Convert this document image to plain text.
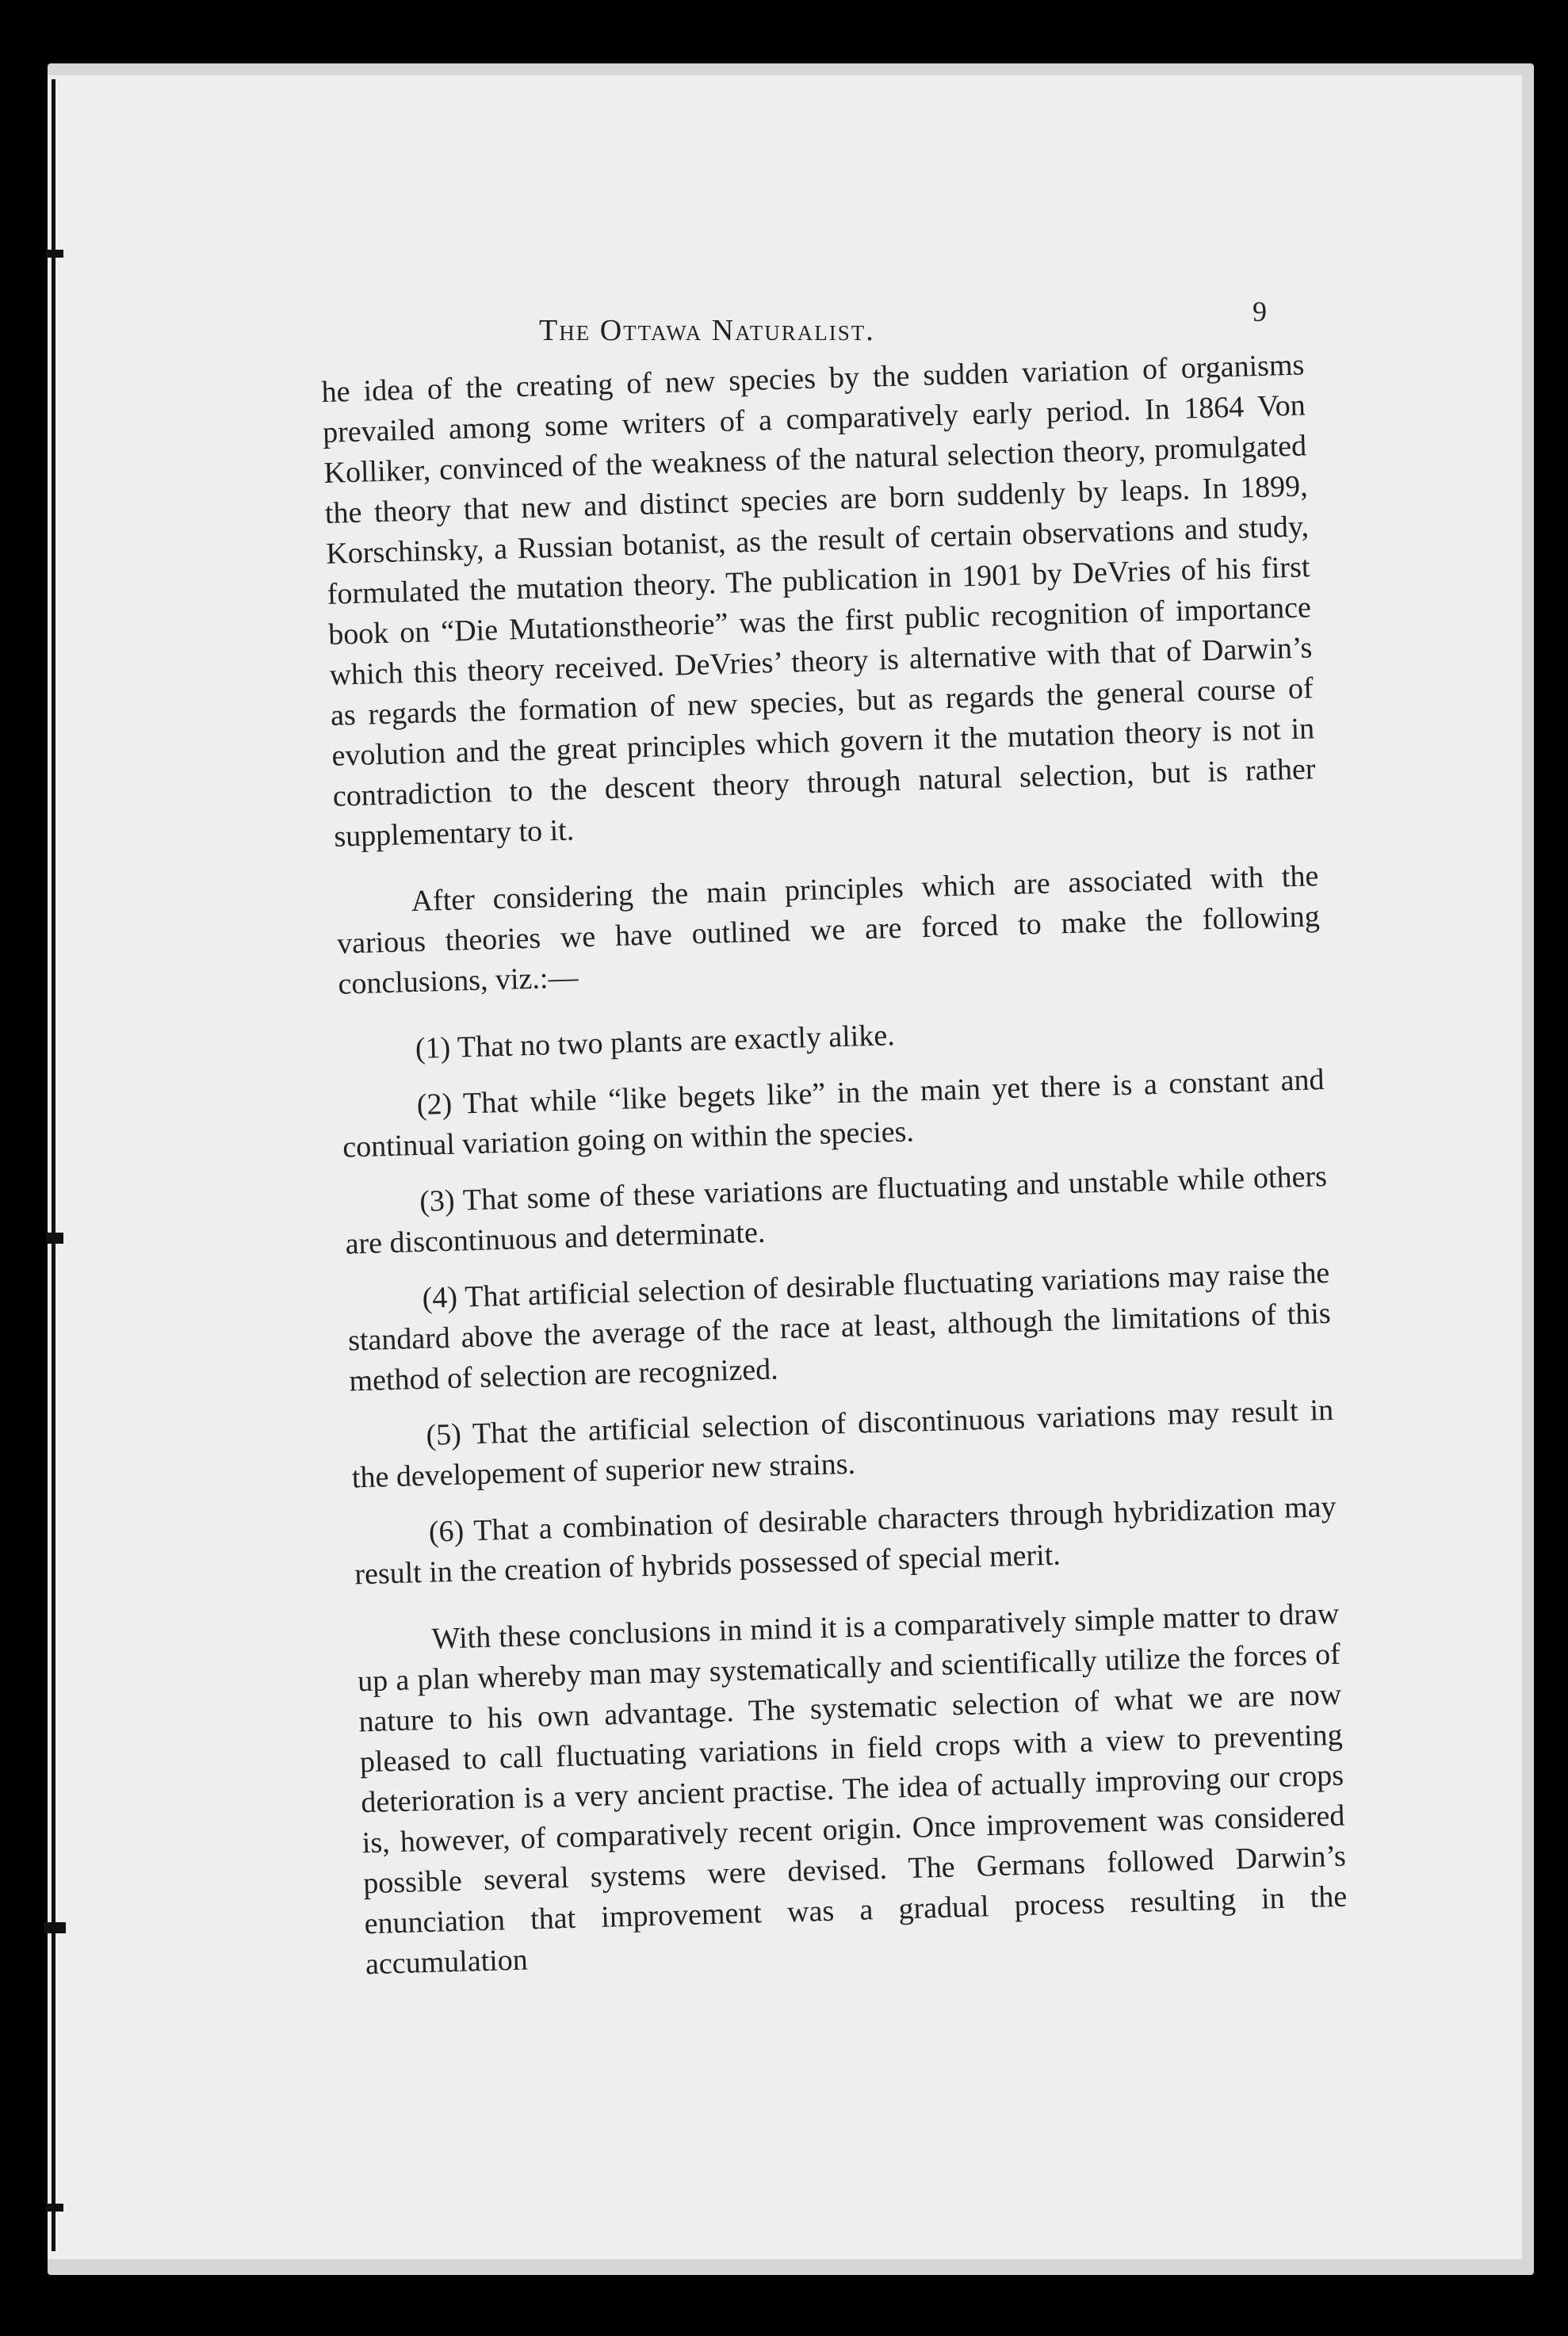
The Ottawa Naturalist.
9

he idea of the creating of new species by the sudden variation of organisms prevailed among some writers of a comparatively early period. In 1864 Von Kolliker, convinced of the weakness of the natural selection theory, promulgated the theory that new and distinct species are born suddenly by leaps. In 1899, Korschinsky, a Russian botanist, as the result of certain observations and study, formulated the mutation theory. The publication in 1901 by DeVries of his first book on “Die Mutationstheorie” was the first public recognition of importance which this theory received. DeVries’ theory is alternative with that of Darwin’s as regards the formation of new species, but as regards the general course of evolution and the great principles which govern it the mutation theory is not in contradiction to the descent theory through natural selection, but is rather supplementary to it.

After considering the main principles which are associated with the various theories we have outlined we are forced to make the following conclusions, viz.:—

(1) That no two plants are exactly alike.

(2) That while “like begets like” in the main yet there is a constant and continual variation going on within the species.

(3) That some of these variations are fluctuating and unstable while others are discontinuous and determinate.

(4) That artificial selection of desirable fluctuating variations may raise the standard above the average of the race at least, although the limitations of this method of selection are recognized.

(5) That the artificial selection of discontinuous variations may result in the developement of superior new strains.

(6) That a combination of desirable characters through hybridization may result in the creation of hybrids possessed of special merit.

With these conclusions in mind it is a comparatively simple matter to draw up a plan whereby man may systematically and scientifically utilize the forces of nature to his own advantage. The systematic selection of what we are now pleased to call fluctuating variations in field crops with a view to preventing deterioration is a very ancient practise. The idea of actually improving our crops is, however, of comparatively recent origin. Once improvement was considered possible several systems were devised. The Germans followed Darwin’s enunciation that improvement was a gradual process resulting in the accumulation
